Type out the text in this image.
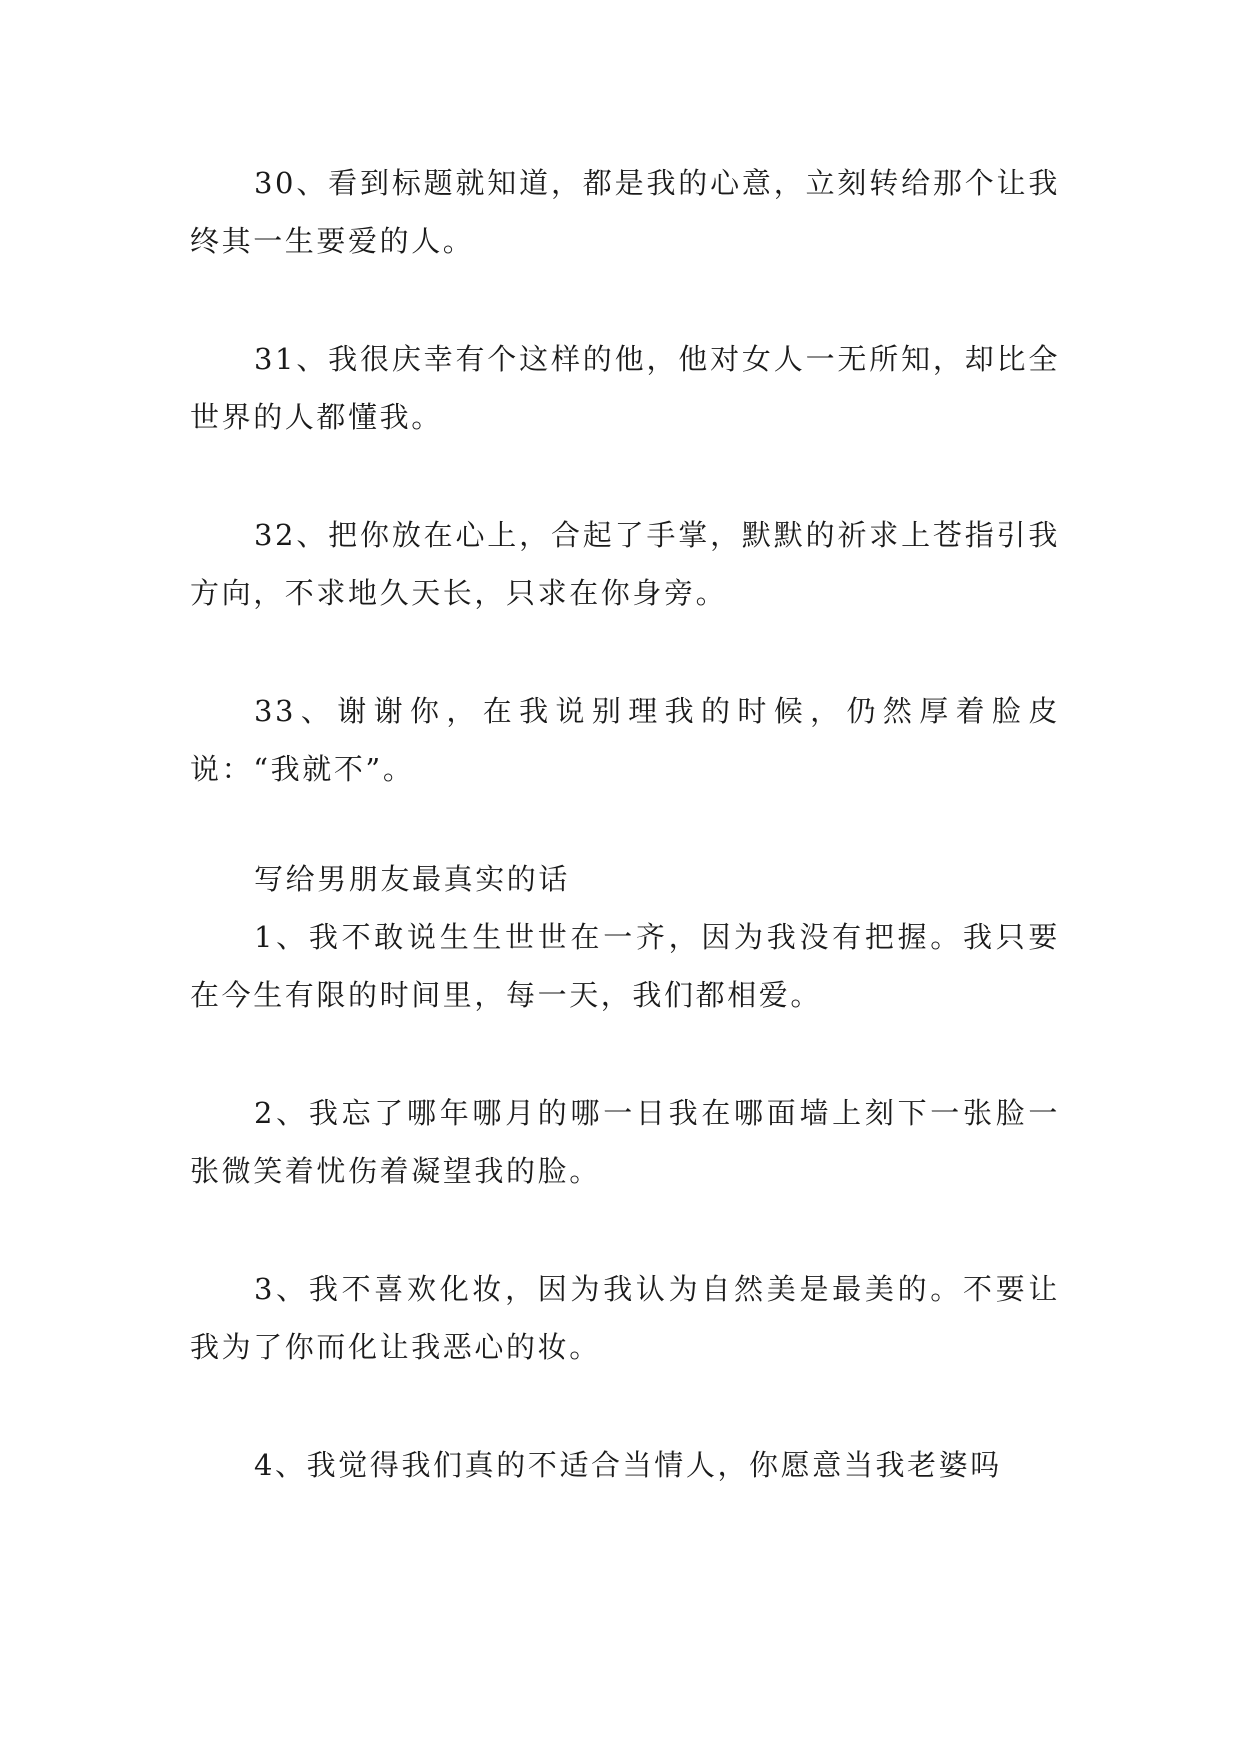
30、看到标题就知道，都是我的心意，立刻转给那个让我终其一生要爱的人。

31、我很庆幸有个这样的他，他对女人一无所知，却比全世界的人都懂我。

32、把你放在心上，合起了手掌，默默的祈求上苍指引我方向，不求地久天长，只求在你身旁。

33、谢谢你，在我说别理我的时候，仍然厚着脸皮说：“我就不”。

写给男朋友最真实的话

1、我不敢说生生世世在一齐，因为我没有把握。我只要在今生有限的时间里，每一天，我们都相爱。

2、我忘了哪年哪月的哪一日我在哪面墙上刻下一张脸一张微笑着忧伤着凝望我的脸。

3、我不喜欢化妆，因为我认为自然美是最美的。不要让我为了你而化让我恶心的妆。

4、我觉得我们真的不适合当情人，你愿意当我老婆吗
